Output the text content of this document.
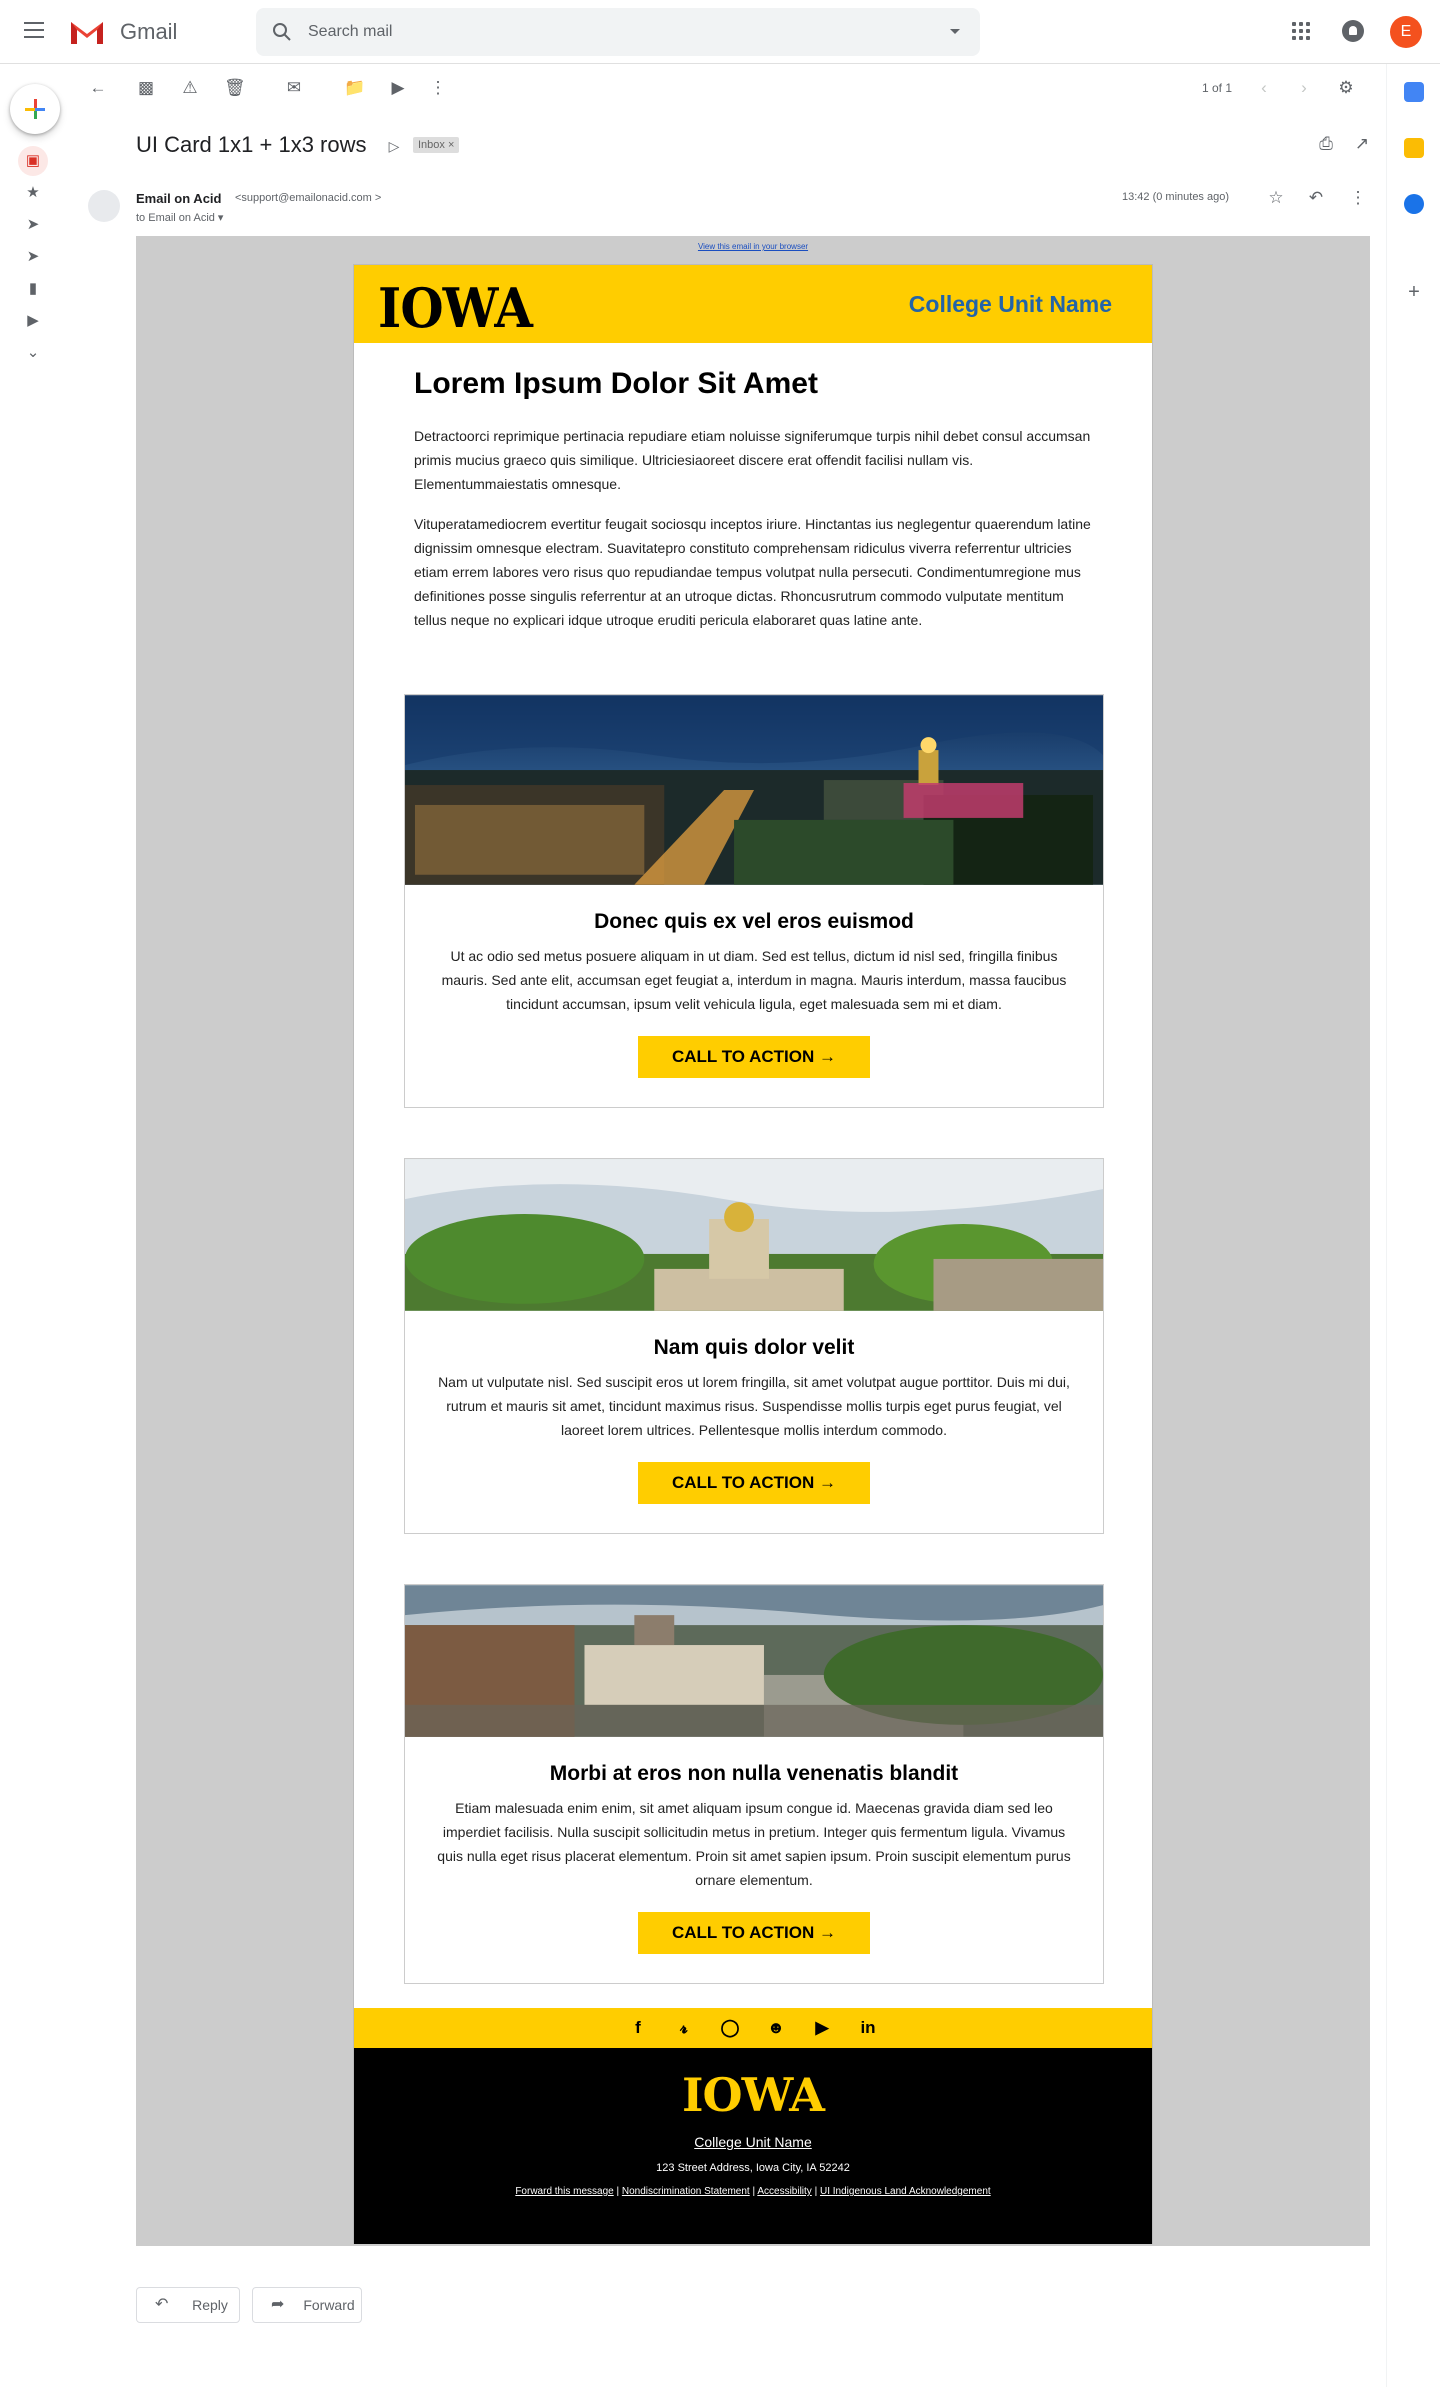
Gmail	Search mail	E
▣
★
➤
➤
▮
▶
⌄
← ▩ ⚠ 🗑 ✉	📁 ▶ ⋮	1 of 1	‹	›	⚙
UI Card 1x1 + 1x3 rows	▷	Inbox ×	⎙ ↗
Email on Acid <support@emailonacid.com >
to Email on Acid ▾
13:42 (0 minutes ago) ☆ ↶ ⋮
+
View this email in your browser
IOWA	College Unit Name
Lorem Ipsum Dolor Sit Amet

Detractoorci reprimique pertinacia repudiare etiam noluisse signiferumque turpis nihil debet consul accumsan primis mucius graeco quis similique. Ultriciesiaoreet discere erat offendit facilisi nullam vis. Elementummaiestatis omnesque.

Vituperatamediocrem evertitur feugait sociosqu inceptos iriure. Hinctantas ius neglegentur quaerendum latine dignissim omnesque electram. Suavitatepro constituto comprehensam ridiculus viverra referrentur ultricies etiam errem labores vero risus quo repudiandae tempus volutpat nulla persecuti. Condimentumregione mus definitiones posse singulis referrentur at an utroque dictas. Rhoncusrutrum commodo vulputate mentitum tellus neque no explicari idque utroque eruditi pericula elaboraret quas latine ante.

Donec quis ex vel eros euismod

Ut ac odio sed metus posuere aliquam in ut diam. Sed est tellus, dictum id nisl sed, fringilla finibus mauris. Sed ante elit, accumsan eget feugiat a, interdum in magna. Mauris interdum, massa faucibus tincidunt accumsan, ipsum velit vehicula ligula, eget malesuada sem mi et diam.

CALL TO ACTION →
Nam quis dolor velit

Nam ut vulputate nisl. Sed suscipit eros ut lorem fringilla, sit amet volutpat augue porttitor. Duis mi dui, rutrum et mauris sit amet, tincidunt maximus risus. Suspendisse mollis turpis eget purus feugiat, vel laoreet lorem ultrices. Pellentesque mollis interdum commodo.

CALL TO ACTION →
Morbi at eros non nulla venenatis blandit

Etiam malesuada enim enim, sit amet aliquam ipsum congue id. Maecenas gravida diam sed leo imperdiet facilisis. Nulla suscipit sollicitudin metus in pretium. Integer quis fermentum ligula. Vivamus quis nulla eget risus placerat elementum. Proin sit amet sapien ipsum. Proin suscipit elementum purus ornare elementum.

CALL TO ACTION →
f 𝓻 ◯ ☻ ▶ in
IOWA
College Unit Name
123 Street Address, Iowa City, IA 52242
Forward this message | Nondiscrimination Statement | Accessibility | UI Indigenous Land Acknowledgement
↶ Reply	➦ Forward
